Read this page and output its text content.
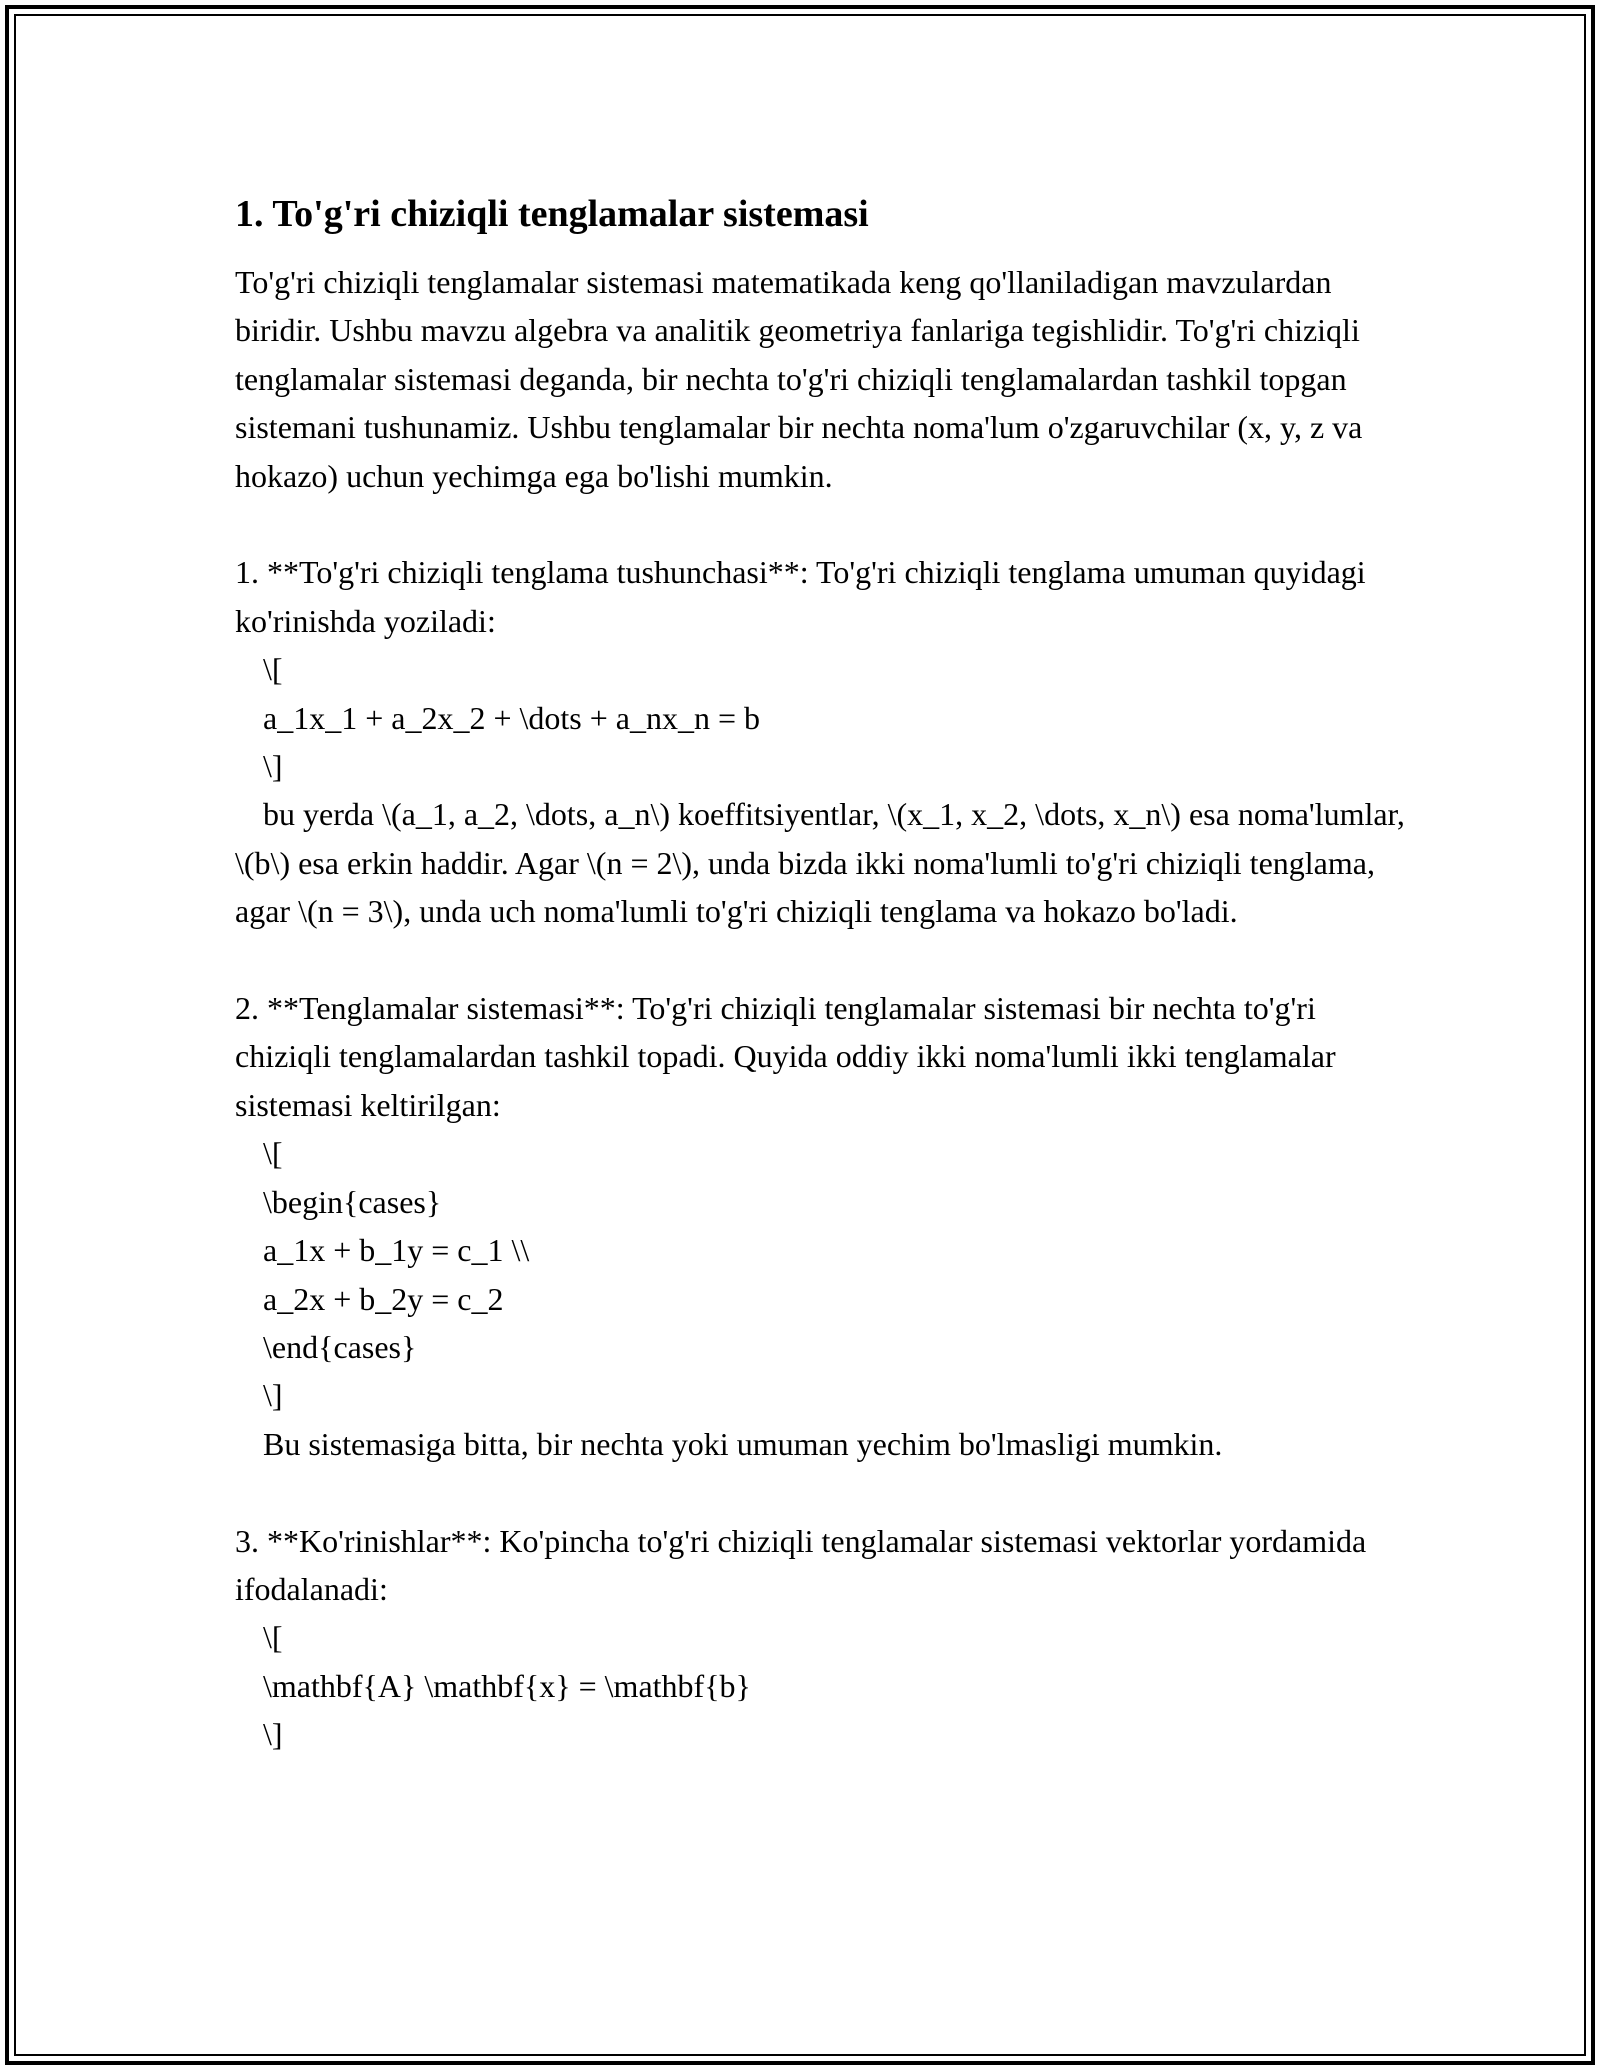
1. To'g'ri chiziqli tenglamalar sistemasi

To'g'ri chiziqli tenglamalar sistemasi matematikada keng qo'llaniladigan mavzulardan biridir. Ushbu mavzu algebra va analitik geometriya fanlariga tegishlidir. To'g'ri chiziqli tenglamalar sistemasi deganda, bir nechta to'g'ri chiziqli tenglamalardan tashkil topgan sistemani tushunamiz. Ushbu tenglamalar bir nechta noma'lum o'zgaruvchilar (x, y, z va hokazo) uchun yechimga ega bo'lishi mumkin.

1. **To'g'ri chiziqli tenglama tushunchasi**: To'g'ri chiziqli tenglama umuman quyidagi ko'rinishda yoziladi:
\[
a_1x_1 + a_2x_2 + \dots + a_nx_n = b
\]
bu yerda \(a_1, a_2, \dots, a_n\) koeffitsiyentlar, \(x_1, x_2, \dots, x_n\) esa noma'lumlar, \(b\) esa erkin haddir. Agar \(n = 2\), unda bizda ikki noma'lumli to'g'ri chiziqli tenglama, agar \(n = 3\), unda uch noma'lumli to'g'ri chiziqli tenglama va hokazo bo'ladi.
2. **Tenglamalar sistemasi**: To'g'ri chiziqli tenglamalar sistemasi bir nechta to'g'ri chiziqli tenglamalardan tashkil topadi. Quyida oddiy ikki noma'lumli ikki tenglamalar sistemasi keltirilgan:
\[
\begin{cases}
a_1x + b_1y = c_1 \\
a_2x + b_2y = c_2
\end{cases}
\]
Bu sistemasiga bitta, bir nechta yoki umuman yechim bo'lmasligi mumkin.
3. **Ko'rinishlar**: Ko'pincha to'g'ri chiziqli tenglamalar sistemasi vektorlar yordamida ifodalanadi:
\[
\mathbf{A} \mathbf{x} = \mathbf{b}
\]
